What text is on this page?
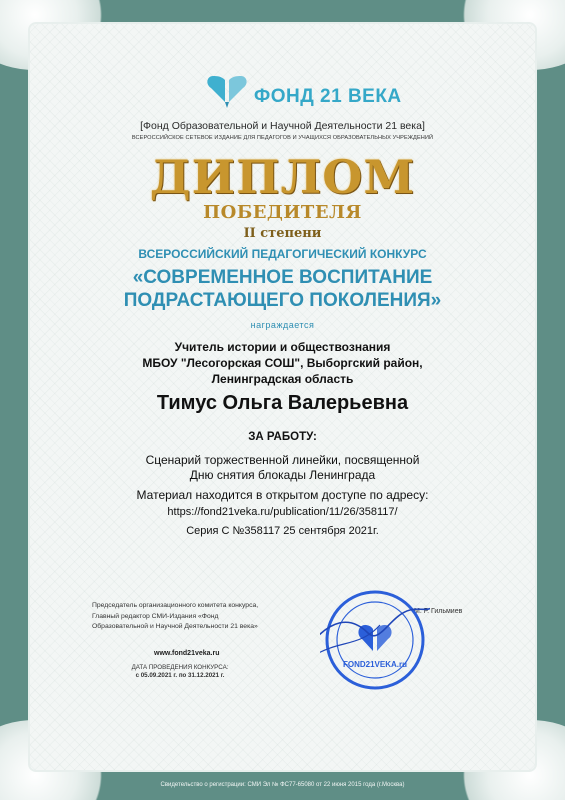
ФОНД 21 ВЕКА
[Фонд Образовательной и Научной Деятельности 21 века]
ВСЕРОССИЙСКОЕ СЕТЕВОЕ ИЗДАНИЕ ДЛЯ ПЕДАГОГОВ И УЧАЩИХСЯ ОБРАЗОВАТЕЛЬНЫХ УЧРЕЖДЕНИЙ
ДИПЛОМ
ПОБЕДИТЕЛЯ
II степени
ВСЕРОССИЙСКИЙ ПЕДАГОГИЧЕСКИЙ КОНКУРС
«СОВРЕМЕННОЕ ВОСПИТАНИЕ
ПОДРАСТАЮЩЕГО ПОКОЛЕНИЯ»
награждается
Учитель истории и обществознания
МБОУ "Лесогорская СОШ", Выборгский район,
Ленинградская область
Тимус Ольга Валерьевна
ЗА РАБОТУ:
Сценарий торжественной линейки, посвященной
Дню снятия блокады Ленинграда
Материал находится в открытом доступе по адресу:
https://fond21veka.ru/publication/11/26/358117/
Серия С №358117 25 сентября 2021г.
Председатель организационного комитета конкурса,
Главный редактор СМИ-Издания «Фонд
Образовательной и Научной Деятельности 21 века»
М. Р. Гильмиев
FOND21VEKA.ru
www.fond21veka.ru
ДАТА ПРОВЕДЕНИЯ КОНКУРСА:
с 05.09.2021 г. по 31.12.2021 г.
Свидетельство о регистрации: СМИ Эл № ФС77-65080 от 22 июня 2015 года (г.Москва)
